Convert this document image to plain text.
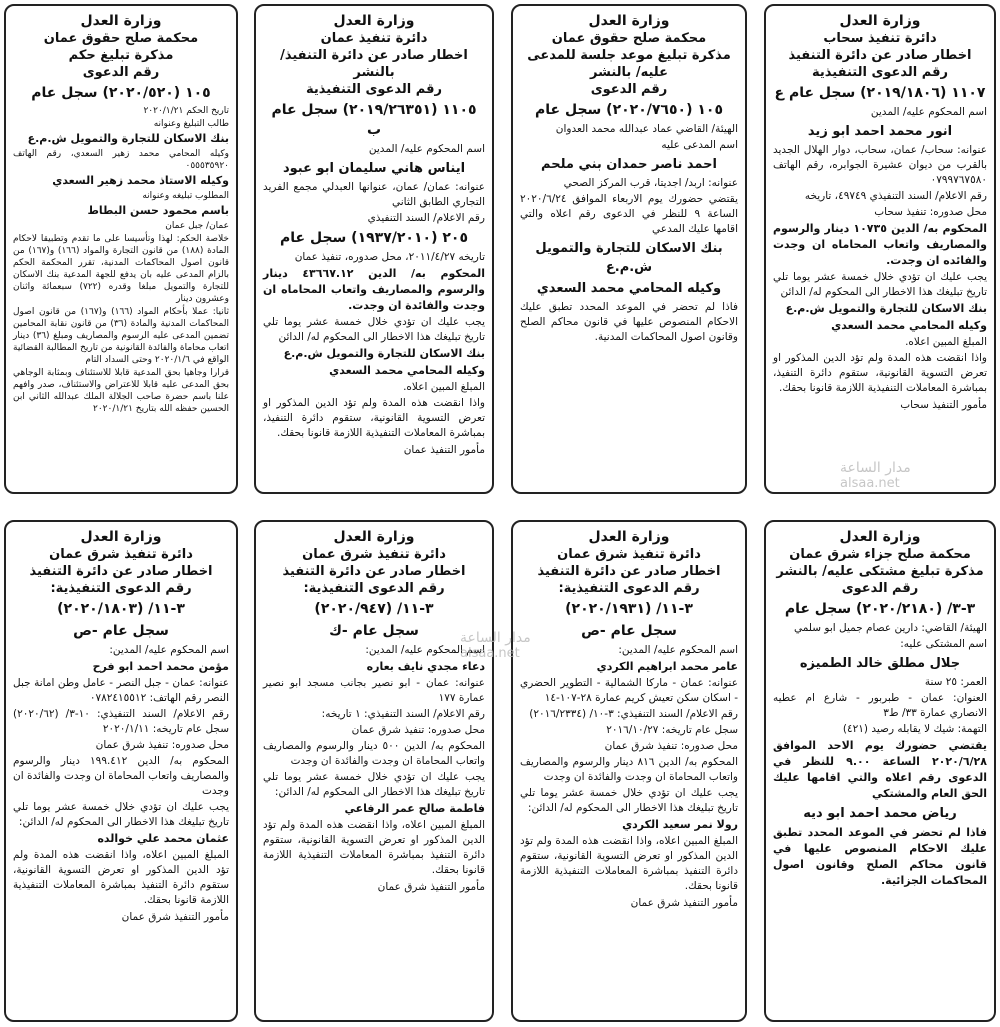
وزارة العدل
دائرة تنفيذ سحاب
اخطار صادر عن دائرة التنفيذ
رقم الدعوى التنفيذية
١١٠٧ (٢٠١٩/١٨٠٦) سجل عام ع
اسم المحكوم عليه/ المدين
انور محمد احمد ابو زيد
عنوانه: سحاب/ عمان، سحاب، دوار الهلال الجديد بالقرب من ديوان عشيرة الجوابره، رقم الهاتف ٠٧٩٩٧٦٧٥٨٠
رقم الاعلام/ السند التنفيذي ٤٩٧٤٩، تاريخه
محل صدوره: تنفيذ سحاب
المحكوم به/ الدين ١٠٧٣٥ دينار والرسوم والمصاريف واتعاب المحاماه ان وجدت والفائده ان وجدت.
يجب عليك ان تؤدي خلال خمسة عشر يوما تلي تاريخ تبليغك هذا الاخطار الى المحكوم له/ الدائن
بنك الاسكان للتجارة والتمويل ش.م.ع
وكيله المحامي محمد السعدي
المبلغ المبين اعلاه.
واذا انقضت هذه المدة ولم تؤد الدين المذكور او تعرض التسوية القانونية، ستقوم دائرة التنفيذ، بمباشرة المعاملات التنفيذية اللازمة قانونا بحقك.
مأمور التنفيذ سحاب
وزارة العدل
محكمة صلح حقوق عمان
مذكرة تبليغ موعد جلسة للمدعى
عليه/ بالنشر
رقم الدعوى
١٠٥ (٢٠٢٠/٧٦٥٠) سجل عام
الهيئة/ القاضي عماد عبدالله محمد العدوان
اسم المدعى عليه
احمد ناصر حمدان بني ملحم
عنوانه: اربد/ اجديتا، قرب المركز الصحي
يقتضي حضورك يوم الاربعاء الموافق ٢٠٢٠/٦/٢٤ الساعة ٩ للنظر في الدعوى رقم اعلاه والتي اقامها عليك المدعي
بنك الاسكان للتجارة والتمويل ش.م.ع
وكيله المحامي محمد السعدي
فاذا لم تحضر في الموعد المحدد تطبق عليك الاحكام المنصوص عليها في قانون محاكم الصلح وقانون اصول المحاكمات المدنية.
وزارة العدل
دائرة تنفيذ عمان
اخطار صادر عن دائرة التنفيذ/ بالنشر
رقم الدعوى التنفيذية
١١٠٥ (٢٠١٩/٢٦٣٥١) سجل عام ب
اسم المحكوم عليه/ المدين
ايناس هاني سليمان ابو عبود
عنوانه: عمان/ عمان، عنوانها العبدلي مجمع الفريد التجاري الطابق الثاني
رقم الاعلام/ السند التنفيذي
٢٠٥ (١٩٣٧/٢٠١٠) سجل عام
تاريخه ٢٠١١/٤/٢٧، محل صدوره، تنفيذ عمان
المحكوم به/ الدين ٤٣٦٦٧.١٢ دينار والرسوم والمصاريف واتعاب المحاماه ان وجدت والفائدة ان وجدت.
يجب عليك ان تؤدي خلال خمسة عشر يوما تلي تاريخ تبليغك هذا الاخطار الى المحكوم له/ الدائن
بنك الاسكان للتجارة والتمويل ش.م.ع
وكيله المحامي محمد السعدي
المبلغ المبين اعلاه.
واذا انقضت هذه المدة ولم تؤد الدين المذكور او تعرض التسوية القانونية، ستقوم دائرة التنفيذ، بمباشرة المعاملات التنفيذية اللازمة قانونا بحقك.
مأمور التنفيذ عمان
وزارة العدل
محكمة صلح حقوق عمان
مذكرة تبليغ حكم
رقم الدعوى
١٠٥ (٢٠٢٠/٥٢٠) سجل عام
تاريخ الحكم ٢٠٢٠/١/٢١
طالب التبليغ وعنوانه
بنك الاسكان للتجارة والتمويل ش.م.ع
وكيله المحامي محمد زهير السعدي، رقم الهاتف ٠٥٥٥٣٥٩٢٠
وكيله الاستاذ محمد زهير السعدي
المطلوب تبليغه وعنوانه
باسم محمود حسن البطاط
عمان/ جبل عمان
خلاصة الحكم: لهذا وتأسيسا على ما تقدم وتطبيقا لاحكام المادة (١٨٨) من قانون التجارة والمواد (١٦٦) و(١٦٧) من قانون اصول المحاكمات المدنية، تقرر المحكمة الحكم بالزام المدعى عليه بان يدفع للجهة المدعية بنك الاسكان للتجارة والتمويل مبلغا وقدره (٧٢٢) سبعمائة واثنان وعشرون دينار
ثانيا: عملا بأحكام المواد (١٦٦) و(١٦٧) من قانون اصول المحاكمات المدنية والمادة (٣٦) من قانون نقابة المحامين تضمين المدعى عليه الرسوم والمصاريف ومبلغ (٣٦) دينار اتعاب محاماة والفائدة القانونية من تاريخ المطالبة القضائية الواقع في ٢٠٢٠/١/٦ وحتى السداد التام
قرارا وجاهيا بحق المدعية قابلا للاستئناف وبمثابة الوجاهي بحق المدعى عليه قابلا للاعتراض والاستئناف، صدر وافهم علنا باسم حضرة صاحب الجلالة الملك عبدالله الثاني ابن الحسين حفظه الله بتاريخ ٢٠٢٠/١/٢١
وزارة العدل
محكمة صلح جزاء شرق عمان
مذكرة تبليغ مشتكى عليه/ بالنشر
رقم الدعوى
٣-٣/ (٢٠٢٠/٢١٨٠) سجل عام
الهيئة/ القاضي: دارين عصام جميل ابو سلمي
اسم المشتكى عليه:
جلال مطلق خالد الطميزه
العمر: ٢٥ سنة
العنوان: عمان - طبربور - شارع ام عطيه الانصاري عمارة ٣٣/ ط٣
التهمة: شيك لا يقابله رصيد (٤٢١)
يقتضي حضورك يوم الاحد الموافق ٢٠٢٠/٦/٢٨ الساعة ٩.٠٠ للنظر في الدعوى رقم اعلاه والتي اقامها عليك الحق العام والمشتكي
رياض محمد احمد ابو ديه
فاذا لم تحضر في الموعد المحدد تطبق عليك الاحكام المنصوص عليها في قانون محاكم الصلح وقانون اصول المحاكمات الجزائية.
وزارة العدل
دائرة تنفيذ شرق عمان
اخطار صادر عن دائرة التنفيذ
رقم الدعوى التنفيذية:
٣-١١/ (٢٠٢٠/١٩٣١)
سجل عام -ص
اسم المحكوم عليه/ المدين:
عامر محمد ابراهيم الكردي
عنوانه: عمان - ماركا الشمالية - التطوير الحضري - اسكان سكن تعيش كريم عمارة ٢٨-١٠٧-١٤
رقم الاعلام/ السند التنفيذي: ٣-١٠/ (٢٠١٦/٢٣٣٤)
سجل عام تاريخه: ٢٠١٦/١٠/٢٧
محل صدوره: تنفيذ شرق عمان
المحكوم به/ الدين ٨١٦ دينار والرسوم والمصاريف واتعاب المحاماة ان وجدت والفائدة ان وجدت
يجب عليك ان تؤدي خلال خمسة عشر يوما تلي تاريخ تبليغك هذا الاخطار الى المحكوم له/ الدائن:
رولا نمر سعيد الكردي
المبلغ المبين اعلاه، واذا انقضت هذه المدة ولم تؤد الدين المذكور او تعرض التسوية القانونية، ستقوم دائرة التنفيذ بمباشرة المعاملات التنفيذية اللازمة قانونا بحقك.
مأمور التنفيذ شرق عمان
وزارة العدل
دائرة تنفيذ شرق عمان
اخطار صادر عن دائرة التنفيذ
رقم الدعوى التنفيذية:
٣-١١/ (٢٠٢٠/٩٤٧)
سجل عام -ك
اسم المحكوم عليه/ المدين:
دعاء مجدي نايف بعاره
عنوانه: عمان - ابو نصير بجانب مسجد ابو نصير عمارة ١٧٧
رقم الاعلام/ السند التنفيذي: ١ تاريخه:
محل صدوره: تنفيذ شرق عمان
المحكوم به/ الدين ٥٠٠ دينار والرسوم والمصاريف واتعاب المحاماة ان وجدت والفائدة ان وجدت
يجب عليك ان تؤدي خلال خمسة عشر يوما تلي تاريخ تبليغك هذا الاخطار الى المحكوم له/ الدائن:
فاطمة صالح عمر الرفاعي
المبلغ المبين اعلاه، واذا انقضت هذه المدة ولم تؤد الدين المذكور او تعرض التسوية القانونية، ستقوم دائرة التنفيذ بمباشرة المعاملات التنفيذية اللازمة قانونا بحقك.
مأمور التنفيذ شرق عمان
وزارة العدل
دائرة تنفيذ شرق عمان
اخطار صادر عن دائرة التنفيذ
رقم الدعوى التنفيذية:
٣-١١/ (٢٠٢٠/١٨٠٣)
سجل عام -ص
اسم المحكوم عليه/ المدين:
مؤمن محمد احمد ابو فرح
عنوانه: عمان - جبل النصر - عامل وطن امانة جبل النصر رقم الهاتف: ٠٧٨٢٤١٥٥١٢
رقم الاعلام/ السند التنفيذي: ١٠-٣/ (٢٠٢٠/٦٢) سجل عام تاريخه: ٢٠٢٠/١/١١
محل صدوره: تنفيذ شرق عمان
المحكوم به/ الدين ١٩٩.٤١٢ دينار والرسوم والمصاريف واتعاب المحاماة ان وجدت والفائدة ان وجدت
يجب عليك ان تؤدي خلال خمسة عشر يوما تلي تاريخ تبليغك هذا الاخطار الى المحكوم له/ الدائن:
عثمان محمد علي خوالده
المبلغ المبين اعلاه، واذا انقضت هذه المدة ولم تؤد الدين المذكور او تعرض التسوية القانونية، ستقوم دائرة التنفيذ بمباشرة المعاملات التنفيذية اللازمة قانونا بحقك.
مأمور التنفيذ شرق عمان
مدار الساعة
alsaa.net
مدار الساعة
alsaa.net
